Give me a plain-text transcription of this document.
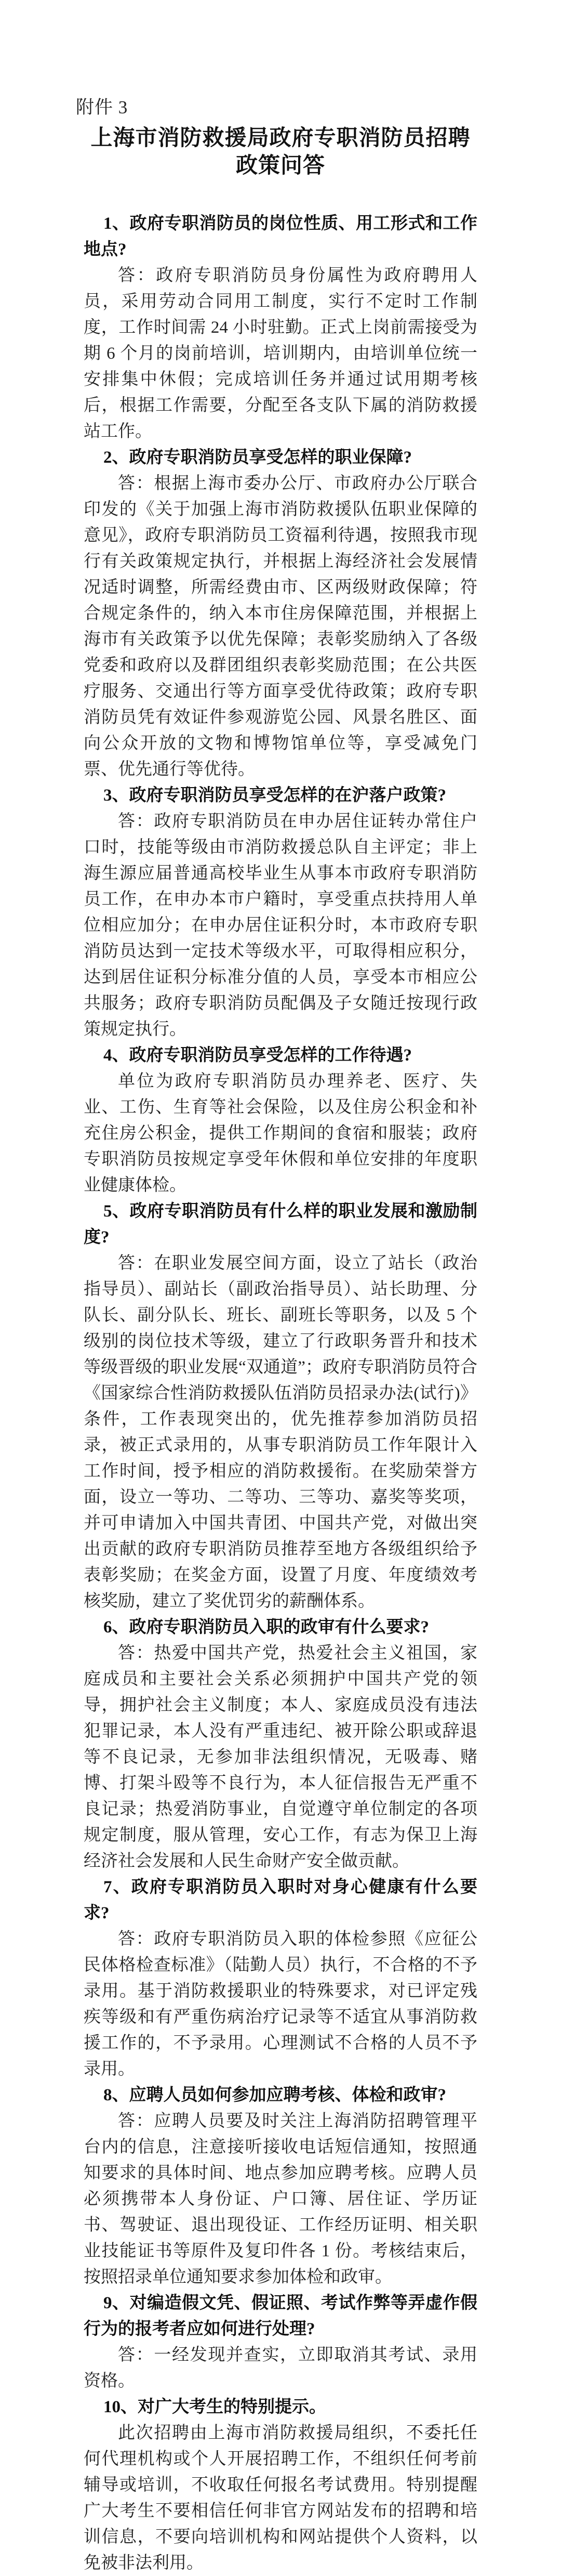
附件 3
上海市消防救援局政府专职消防员招聘
政策问答

1、政府专职消防员的岗位性质、用工形式和工作地点?

答：政府专职消防员身份属性为政府聘用人员，采用劳动合同用工制度，实行不定时工作制度，工作时间需 24 小时驻勤。正式上岗前需接受为期 6 个月的岗前培训，培训期内，由培训单位统一安排集中休假；完成培训任务并通过试用期考核后，根据工作需要，分配至各支队下属的消防救援站工作。

2、政府专职消防员享受怎样的职业保障?

答：根据上海市委办公厅、市政府办公厅联合印发的《关于加强上海市消防救援队伍职业保障的意见》，政府专职消防员工资福利待遇，按照我市现行有关政策规定执行，并根据上海经济社会发展情况适时调整，所需经费由市、区两级财政保障；符合规定条件的，纳入本市住房保障范围，并根据上海市有关政策予以优先保障；表彰奖励纳入了各级党委和政府以及群团组织表彰奖励范围；在公共医疗服务、交通出行等方面享受优待政策；政府专职消防员凭有效证件参观游览公园、风景名胜区、面向公众开放的文物和博物馆单位等，享受减免门票、优先通行等优待。

3、政府专职消防员享受怎样的在沪落户政策?

答：政府专职消防员在申办居住证转办常住户口时，技能等级由市消防救援总队自主评定；非上海生源应届普通高校毕业生从事本市政府专职消防员工作，在申办本市户籍时，享受重点扶持用人单位相应加分；在申办居住证积分时，本市政府专职消防员达到一定技术等级水平，可取得相应积分，达到居住证积分标准分值的人员，享受本市相应公共服务；政府专职消防员配偶及子女随迁按现行政策规定执行。

4、政府专职消防员享受怎样的工作待遇?

单位为政府专职消防员办理养老、医疗、失业、工伤、生育等社会保险，以及住房公积金和补充住房公积金，提供工作期间的食宿和服装；政府专职消防员按规定享受年休假和单位安排的年度职业健康体检。

5、政府专职消防员有什么样的职业发展和激励制度?

答：在职业发展空间方面，设立了站长（政治指导员）、副站长（副政治指导员）、站长助理、分队长、副分队长、班长、副班长等职务，以及 5 个级别的岗位技术等级，建立了行政职务晋升和技术等级晋级的职业发展“双通道”；政府专职消防员符合《国家综合性消防救援队伍消防员招录办法(试行)》条件，工作表现突出的，优先推荐参加消防员招录，被正式录用的，从事专职消防员工作年限计入工作时间，授予相应的消防救援衔。在奖励荣誉方面，设立一等功、二等功、三等功、嘉奖等奖项，并可申请加入中国共青团、中国共产党，对做出突出贡献的政府专职消防员推荐至地方各级组织给予表彰奖励；在奖金方面，设置了月度、年度绩效考核奖励，建立了奖优罚劣的薪酬体系。

6、政府专职消防员入职的政审有什么要求?

答：热爱中国共产党，热爱社会主义祖国，家庭成员和主要社会关系必须拥护中国共产党的领导，拥护社会主义制度；本人、家庭成员没有违法犯罪记录，本人没有严重违纪、被开除公职或辞退等不良记录，无参加非法组织情况，无吸毒、赌博、打架斗殴等不良行为，本人征信报告无严重不良记录；热爱消防事业，自觉遵守单位制定的各项规定制度，服从管理，安心工作，有志为保卫上海经济社会发展和人民生命财产安全做贡献。

7、政府专职消防员入职时对身心健康有什么要求?

答：政府专职消防员入职的体检参照《应征公民体格检查标准》（陆勤人员）执行，不合格的不予录用。基于消防救援职业的特殊要求，对已评定残疾等级和有严重伤病治疗记录等不适宜从事消防救援工作的，不予录用。心理测试不合格的人员不予录用。

8、应聘人员如何参加应聘考核、体检和政审?

答：应聘人员要及时关注上海消防招聘管理平台内的信息，注意接听接收电话短信通知，按照通知要求的具体时间、地点参加应聘考核。应聘人员必须携带本人身份证、户口簿、居住证、学历证书、驾驶证、退出现役证、工作经历证明、相关职业技能证书等原件及复印件各 1 份。考核结束后，按照招录单位通知要求参加体检和政审。

9、对编造假文凭、假证照、考试作弊等弄虚作假行为的报考者应如何进行处理?

答：一经发现并查实，立即取消其考试、录用资格。

10、对广大考生的特别提示。

此次招聘由上海市消防救援局组织，不委托任何代理机构或个人开展招聘工作，不组织任何考前辅导或培训，不收取任何报名考试费用。特别提醒广大考生不要相信任何非官方网站发布的招聘和培训信息，不要向培训机构和网站提供个人资料，以免被非法利用。
